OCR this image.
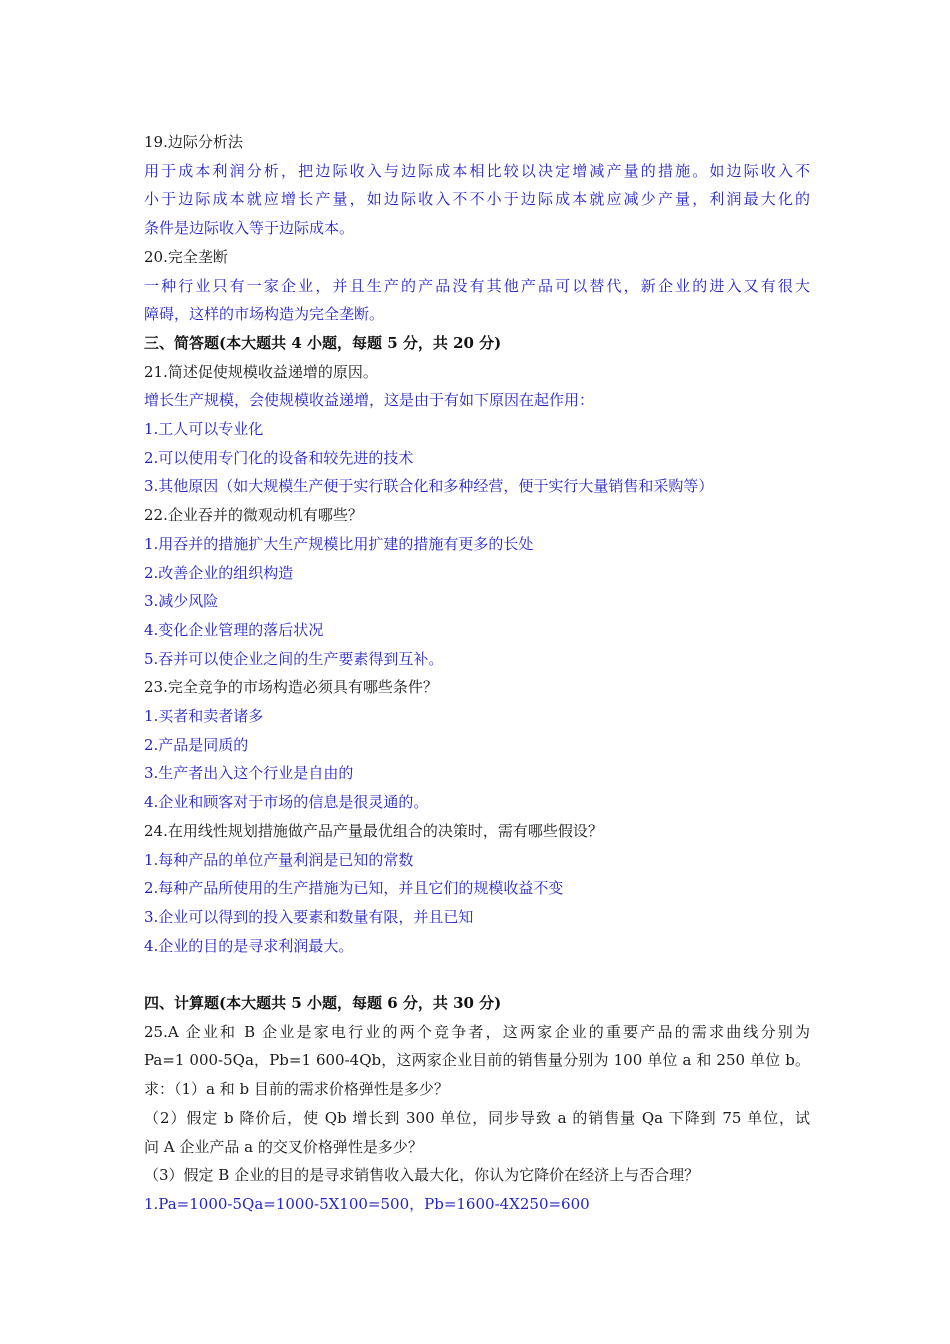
19.边际分析法
用于成本利润分析，把边际收入与边际成本相比较以决定增减产量的措施。如边际收入不
小于边际成本就应增长产量，如边际收入不不小于边际成本就应减少产量，利润最大化的
条件是边际收入等于边际成本。
20.完全垄断
一种行业只有一家企业，并且生产的产品没有其他产品可以替代，新企业的进入又有很大
障碍，这样的市场构造为完全垄断。
三、简答题(本大题共 4 小题，每题 5 分，共 20 分)
21.简述促使规模收益递增的原因。
增长生产规模，会使规模收益递增，这是由于有如下原因在起作用：
1.工人可以专业化
2.可以使用专门化的设备和较先进的技术
3.其他原因（如大规模生产便于实行联合化和多种经营，便于实行大量销售和采购等）
22.企业吞并的微观动机有哪些？
1.用吞并的措施扩大生产规模比用扩建的措施有更多的长处
2.改善企业的组织构造
3.减少风险
4.变化企业管理的落后状况
5.吞并可以使企业之间的生产要素得到互补。
23.完全竞争的市场构造必须具有哪些条件？
1.买者和卖者诸多
2.产品是同质的
3.生产者出入这个行业是自由的
4.企业和顾客对于市场的信息是很灵通的。
24.在用线性规划措施做产品产量最优组合的决策时，需有哪些假设？
1.每种产品的单位产量利润是已知的常数
2.每种产品所使用的生产措施为已知，并且它们的规模收益不变
3.企业可以得到的投入要素和数量有限，并且已知
4.企业的目的是寻求利润最大。
四、计算题(本大题共 5 小题，每题 6 分，共 30 分)
25.A 企业和 B 企业是家电行业的两个竞争者，这两家企业的重要产品的需求曲线分别为
Pa=1 000-5Qa，Pb=1 600-4Qb，这两家企业目前的销售量分别为 100 单位 a 和 250 单位 b。
求：（1）a 和 b 目前的需求价格弹性是多少？
（2）假定 b 降价后，使 Qb 增长到 300 单位，同步导致 a 的销售量 Qa 下降到 75 单位，试
问 A 企业产品 a 的交叉价格弹性是多少？
（3）假定 B 企业的目的是寻求销售收入最大化，你认为它降价在经济上与否合理？
1.Pa=1000-5Qa=1000-5X100=500，Pb=1600-4X250=600
